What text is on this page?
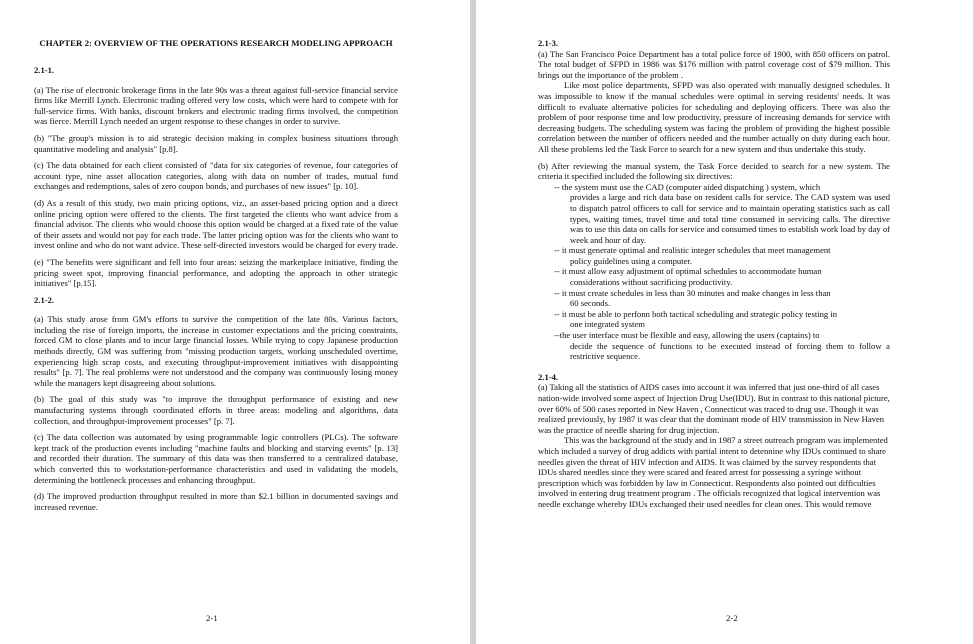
CHAPTER 2: OVERVIEW OF THE OPERATIONS RESEARCH MODELING APPROACH
2.1-1.

(a) The rise of electronic brokerage firms in the late 90s was a threat against full-service financial service firms like Merrill Lynch. Electronic trading offered very low costs, which were hard to compete with for full-service firms. With banks, discount brokers and electronic trading firms involved, the competition was fierce. Merrill Lynch needed an urgent response to these changes in order to survive.

(b) "The group's mission is to aid strategic decision making in complex business situations through quantitative modeling and analysis" [p.8].

(c) The data obtained for each client consisted of "data for six categories of revenue, four categories of account type, nine asset allocation categories, along with data on number of trades, mutual fund exchanges and redemptions, sales of zero coupon bonds, and purchases of new issues" [p. 10].

(d) As a result of this study, two main pricing options, viz., an asset-based pricing option and a direct online pricing option were offered to the clients. The first targeted the clients who want advice from a financial advisor. The clients who would choose this option would be charged at a fixed rate of the value of their assets and would not pay for each trade. The latter pricing option was for the clients who want to invest online and who do not want advice. These self-directed investors would be charged for every trade.

(e) "The benefits were significant and fell into four areas: seizing the marketplace initiative, finding the pricing sweet spot, improving financial performance, and adopting the approach in other strategic initiatives" [p.15].

2.1-2.

(a) This study arose from GM's efforts to survive the competition of the late 80s. Various factors, including the rise of foreign imports, the increase in customer expectations and the pricing constraints, forced GM to close plants and to incur large financial losses. While trying to copy Japanese production methods directly, GM was suffering from "missing production targets, working unscheduled overtime, experiencing high scrap costs, and executing throughput-improvement initiatives with disappointing results" [p. 7]. The real problems were not understood and the company was continuously losing money while the managers kept disagreeing about solutions.

(b) The goal of this study was "to improve the throughput performance of existing and new manufacturing systems through coordinated efforts in three areas: modeling and algorithms, data collection, and throughput-improvement processes" [p. 7].

(c) The data collection was automated by using programmable logic controllers (PLCs). The software kept track of the production events including "machine faults and blocking and starving events" [p. 13] and recorded their duration. The summary of this data was then transferred to a centralized database, which converted this to workstation-performance characteristics and used in validating the models, determining the bottleneck processes and enhancing throughput.

(d) The improved production throughput resulted in more than $2.1 billion in documented savings and increased revenue.

2-1
2.1-3.

(a) The San Francisco Poice Department has a total police force of 1900, with 850 officers on patrol. The total budget of SFPD in 1986 was $176 million with patrol coverage cost of $79 million. This brings out the importance of the problem .

Like most police departments, SFPD was also operated with manually designed schedules. It was impossible to know if the manual schedules were optimal in serving residents' needs. It was difficult to evaluate alternative policies for scheduling and deploying officers. There was also the problem of poor response time and low productivity, pressure of increasing demands for service with decreasing budgets. The scheduling system was facing the problem of providing the highest possible correlation between the number of officers needed and the number actually on duty during each hour. All these problems led the Task Force to search for a new system and thus undertake this study.

(b) After reviewing the manual system, the Task Force decided to search for a new system. The criteria it specified included the following six directives:

-- the system must use the CAD (computer aided dispatching ) system, which
provides a large and rich data base on resident calls for service. The CAD system was used to dispatch patrol officers to call for service and to maintain operating statistics such as call types, waiting times, travel time and total time consumed in servicing calls. The directive was to use this data on calls for service and consumed times to establish work load by day of week and hour of day.
-- it must generate optimal and realistic integer schedules that meet management
policy guidelines using a computer.
-- it must allow easy adjustment of optimal schedules to accommodate human
considerations without sacrificing productivity.
-- it must create schedules in less than 30 minutes and make changes in less than
60 seconds.
-- it must be able to perfonn both tactical scheduling and strategic policy testing in
one integrated system
--the user interface must be flexible and easy, allowing the users (captains) to
decide the sequence of functions to be executed instead of forcing them to follow a restrictive sequence.
2.1-4.

(a) Taking all the statistics of AIDS cases into account it was inferred that just one-third of all cases nation-wide involved some aspect of Injection Drug Use(IDU). But in contrast to this national picture, over 60% of 500 cases reported in New Haven , Connecticut was traced to drug use. Though it was realized previously, by 1987 it was clear that the dominant mode of HIV transmission in New Haven was the practice of needle sharing for drug injection.

This was the background of the study and in 1987 a street outreach program was implemented which included a survey of drug addicts with partial intent to detennine why IDUs continued to share needles given the threat of HIV infection and AIDS. It was claimed by the survey respondents that IDUs shared needles since they were scared and feared arrest for possessing a syringe without prescription which was forbidden by law in Connecticut. Respondents also pointed out difficulties involved in entering drug treatment program . The officials recognized that logical intervention was needle exchange whereby IDUs exchanged their used needles for clean ones. This would remove

2-2
